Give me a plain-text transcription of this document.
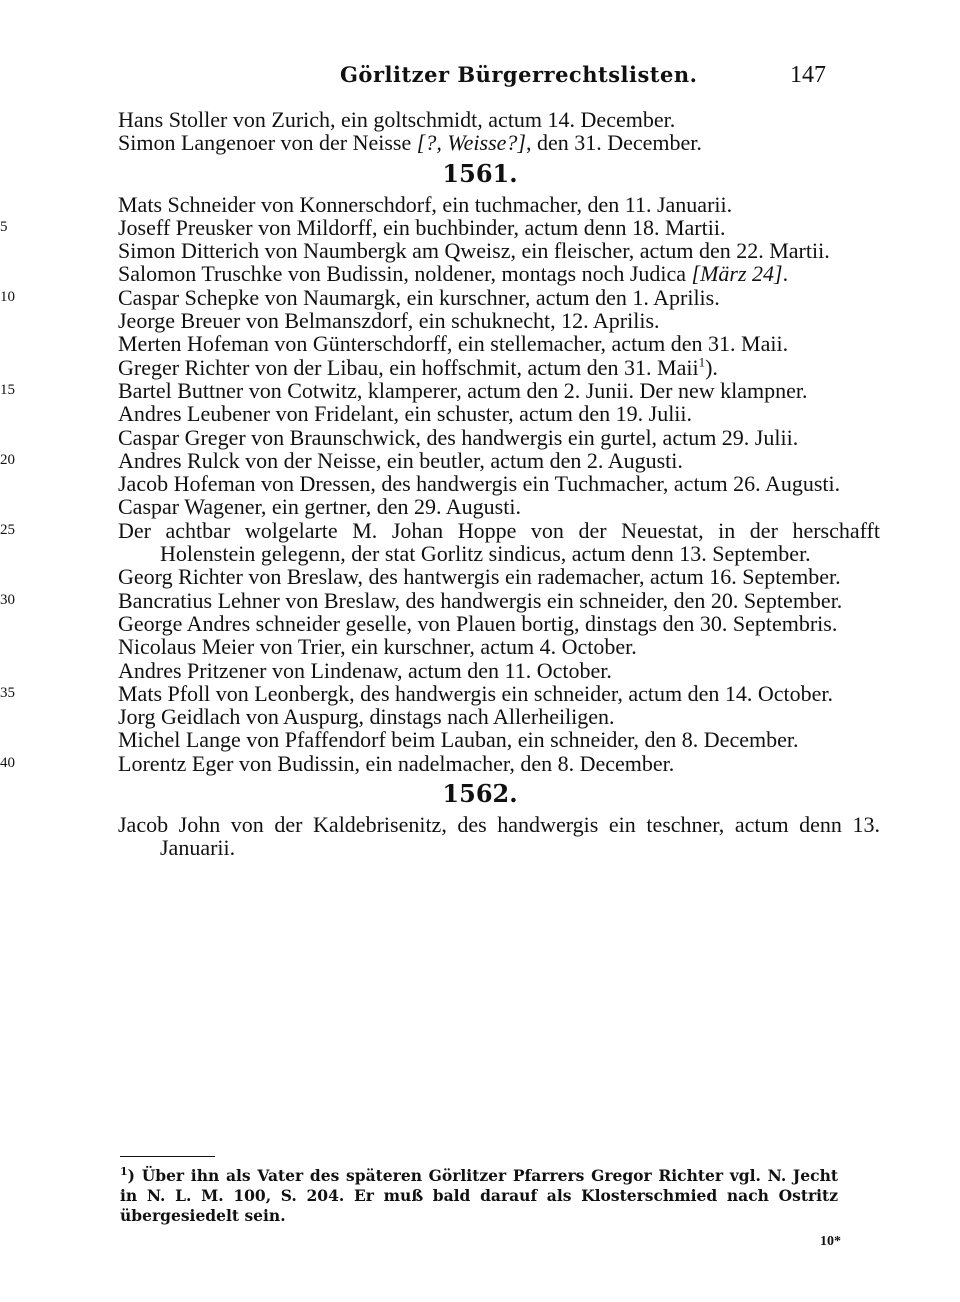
Görlitzer Bürgerrechtslisten.	147
Hans Stoller von Zurich, ein goltschmidt, actum 14. December.
Simon Langenoer von der Neisse [?, Weisse?], den 31. December.
1561.
Mats Schneider von Konnerschdorf, ein tuchmacher, den 11. Januarii.
5	Joseff Preusker von Mildorff, ein buchbinder, actum denn 18. Martii.
Simon Ditterich von Naumbergk am Qweisz, ein fleischer, actum den 22. Martii.
Salomon Truschke von Budissin, noldener, montags noch Judica [März 24].
10	Caspar Schepke von Naumargk, ein kurschner, actum den 1. Aprilis.
Jeorge Breuer von Belmanszdorf, ein schuknecht, 12. Aprilis.
Merten Hofeman von Günterschdorff, ein stellemacher, actum den 31. Maii.
Greger Richter von der Libau, ein hoffschmit, actum den 31. Maii$^1$).
15	Bartel Buttner von Cotwitz, klamperer, actum den 2. Junii. Der new klampner.
Andres Leubener von Fridelant, ein schuster, actum den 19. Julii.
Caspar Greger von Braunschwick, des handwergis ein gurtel, actum 29. Julii.
20	Andres Rulck von der Neisse, ein beutler, actum den 2. Augusti.
Jacob Hofeman von Dressen, des handwergis ein Tuchmacher, actum 26. Augusti.
Caspar Wagener, ein gertner, den 29. Augusti.
25	Der achtbar wolgelarte M. Johan Hoppe von der Neuestat, in der herschafft Holenstein gelegenn, der stat Gorlitz sindicus, actum denn 13. September.
Georg Richter von Breslaw, des hantwergis ein rademacher, actum 16. September.
30	Bancratius Lehner von Breslaw, des handwergis ein schneider, den 20. September.
George Andres schneider geselle, von Plauen bortig, dinstags den 30. Septembris.
Nicolaus Meier von Trier, ein kurschner, actum 4. October.
Andres Pritzener von Lindenaw, actum den 11. October.
35	Mats Pfoll von Leonbergk, des handwergis ein schneider, actum den 14. October.
Jorg Geidlach von Auspurg, dinstags nach Allerheiligen.
Michel Lange von Pfaffendorf beim Lauban, ein schneider, den 8. December.
40	Lorentz Eger von Budissin, ein nadelmacher, den 8. December.
1562.
Jacob John von der Kaldebrisenitz, des handwergis ein teschner, actum denn 13. Januarii.
$^1$) Über ihn als Vater des späteren Görlitzer Pfarrers Gregor Richter vgl. N. Jecht in N. L. M. 100, S. 204. Er muß bald darauf als Klosterschmied nach Ostritz übergesiedelt sein.
10*
